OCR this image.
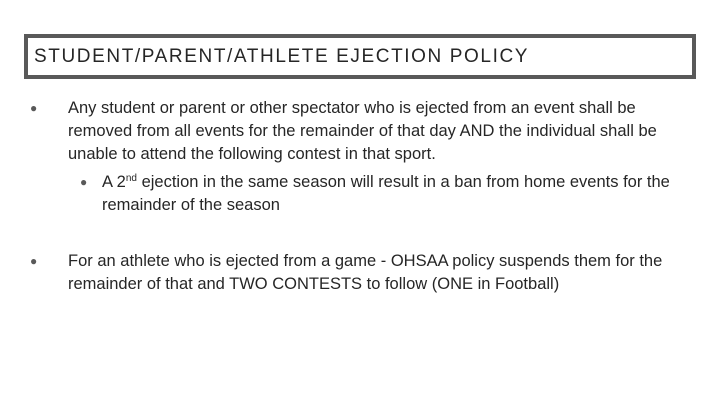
STUDENT/PARENT/ATHLETE EJECTION POLICY
● Any student or parent or other spectator who is ejected from an event shall be removed from all events for the remainder of that day AND the individual shall be unable to attend the following contest in that sport.
● A 2nd ejection in the same season will result in a ban from home events for the remainder of the season
● For an athlete who is ejected from a game - OHSAA policy suspends them for the remainder of that and TWO CONTESTS to follow (ONE in Football)
